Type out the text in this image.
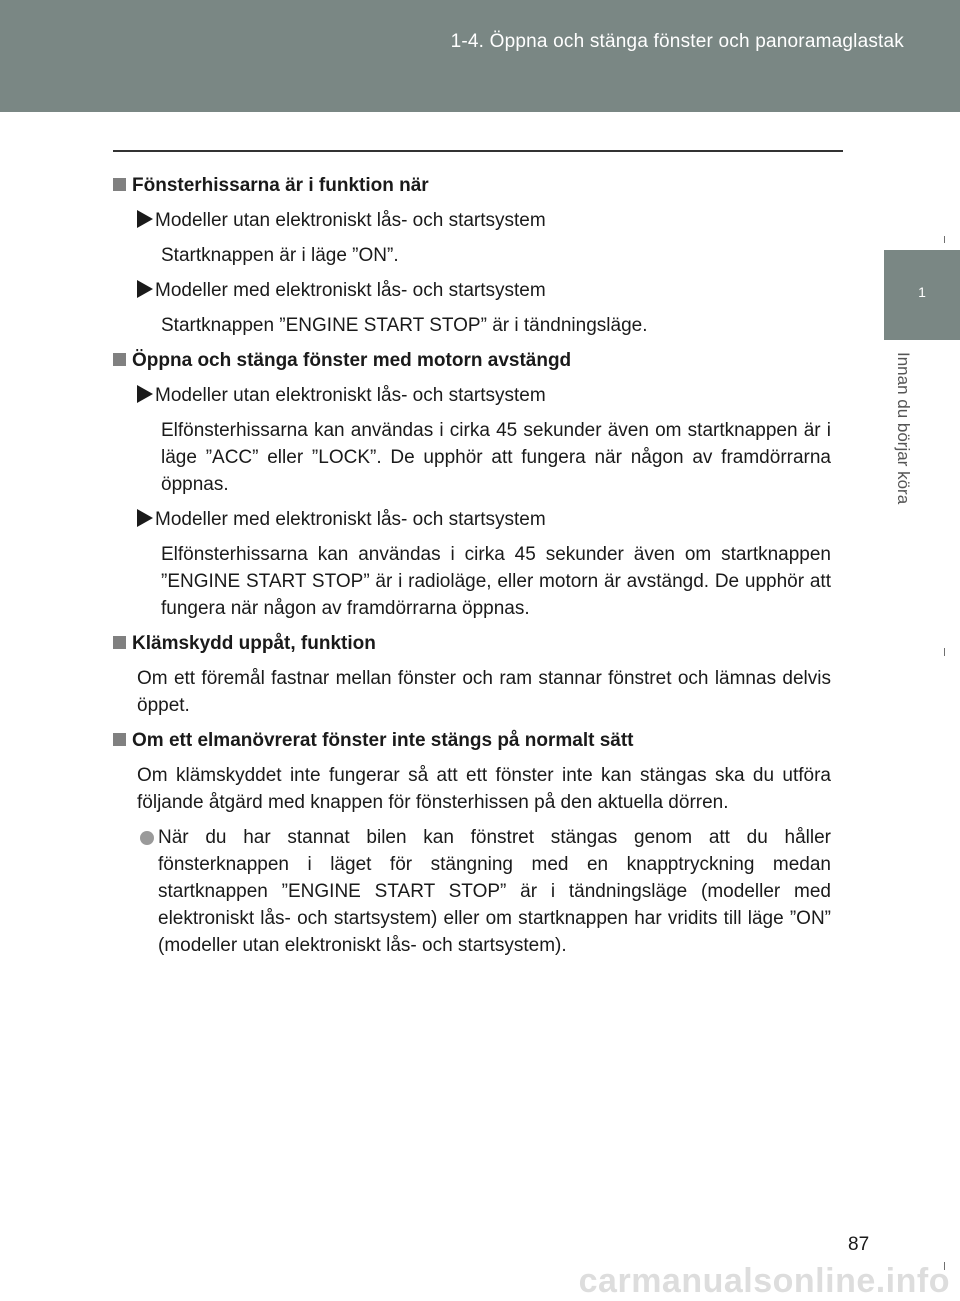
1-4. Öppna och stänga fönster och panoramaglastak
1
Innan du börjar köra
Fönsterhissarna är i funktion när
Modeller utan elektroniskt lås- och startsystem
Startknappen är i läge ”ON”.
Modeller med elektroniskt lås- och startsystem
Startknappen ”ENGINE START STOP” är i tändningsläge.
Öppna och stänga fönster med motorn avstängd
Modeller utan elektroniskt lås- och startsystem
Elfönsterhissarna kan användas i cirka 45 sekunder även om startknappen är i läge ”ACC” eller ”LOCK”. De upphör att fungera när någon av framdörrarna öppnas.
Modeller med elektroniskt lås- och startsystem
Elfönsterhissarna kan användas i cirka 45 sekunder även om startknappen ”ENGINE START STOP” är i radioläge, eller motorn är avstängd. De upphör att fungera när någon av framdörrarna öppnas.
Klämskydd uppåt, funktion
Om ett föremål fastnar mellan fönster och ram stannar fönstret och lämnas delvis öppet.
Om ett elmanövrerat fönster inte stängs på normalt sätt
Om klämskyddet inte fungerar så att ett fönster inte kan stängas ska du utföra följande åtgärd med knappen för fönsterhissen på den aktuella dörren.
När du har stannat bilen kan fönstret stängas genom att du håller fönsterknappen i läget för stängning med en knapptryckning medan startknappen ”ENGINE START STOP” är i tändningsläge (modeller med elektroniskt lås- och startsystem) eller om startknappen har vridits till läge ”ON” (modeller utan elektroniskt lås- och startsystem).
87
carmanualsonline.info
